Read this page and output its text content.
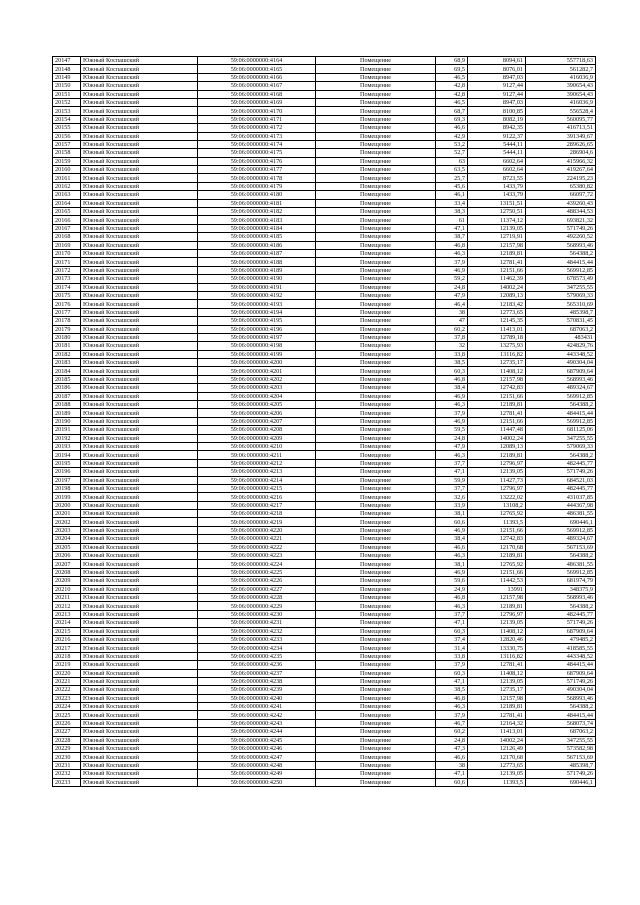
20147	Южный Коспашский	59:06:0000000:4164	Помещение	68,9	8094,61	557718,63
20148	Южный Коспашский	59:06:0000000:4165	Помещение	69,5	8076,01	561282,7
20149	Южный Коспашский	59:06:0000000:4166	Помещение	46,5	8947,03	416036,9
20150	Южный Коспашский	59:06:0000000:4167	Помещение	42,8	9127,44	390654,43
20151	Южный Коспашский	59:06:0000000:4168	Помещение	42,8	9127,44	390654,43
20152	Южный Коспашский	59:06:0000000:4169	Помещение	46,5	8947,03	416036,9
20153	Южный Коспашский	59:06:0000000:4170	Помещение	68,7	8100,85	556528,4
20154	Южный Коспашский	59:06:0000000:4171	Помещение	69,3	8082,19	560095,77
20155	Южный Коспашский	59:06:0000000:4172	Помещение	46,6	8942,35	416713,51
20156	Южный Коспашский	59:06:0000000:4173	Помещение	42,9	9122,37	391349,67
20157	Южный Коспашский	59:06:0000000:4174	Помещение	53,2	5444,11	289626,65
20158	Южный Коспашский	59:06:0000000:4175	Помещение	52,7	5444,11	286904,6
20159	Южный Коспашский	59:06:0000000:4176	Помещение	63	6602,64	415966,32
20160	Южный Коспашский	59:06:0000000:4177	Помещение	63,5	6602,64	419267,64
20161	Южный Коспашский	59:06:0000000:4178	Помещение	25,7	8723,55	224195,23
20162	Южный Коспашский	59:06:0000000:4179	Помещение	45,6	1433,79	65380,82
20163	Южный Коспашский	59:06:0000000:4180	Помещение	46,1	1433,79	66097,72
20164	Южный Коспашский	59:06:0000000:4181	Помещение	33,4	13151,51	439260,43
20165	Южный Коспашский	59:06:0000000:4182	Помещение	38,3	12750,51	488344,53
20166	Южный Коспашский	59:06:0000000:4183	Помещение	61	11374,12	693821,32
20167	Южный Коспашский	59:06:0000000:4184	Помещение	47,1	12139,05	571749,26
20168	Южный Коспашский	59:06:0000000:4185	Помещение	38,7	12719,91	492260,52
20169	Южный Коспашский	59:06:0000000:4186	Помещение	46,8	12157,98	568993,46
20170	Южный Коспашский	59:06:0000000:4187	Помещение	46,3	12189,81	564388,2
20171	Южный Коспашский	59:06:0000000:4188	Помещение	37,9	12781,41	484415,44
20172	Южный Коспашский	59:06:0000000:4189	Помещение	46,9	12151,66	569912,85
20173	Южный Коспашский	59:06:0000000:4190	Помещение	59,2	11462,39	678573,49
20174	Южный Коспашский	59:06:0000000:4191	Помещение	24,8	14002,24	347255,55
20175	Южный Коспашский	59:06:0000000:4192	Помещение	47,9	12089,13	579069,33
20176	Южный Коспашский	59:06:0000000:4193	Помещение	46,4	12183,42	565310,69
20177	Южный Коспашский	59:06:0000000:4194	Помещение	38	12773,65	485398,7
20178	Южный Коспашский	59:06:0000000:4195	Помещение	47	12145,35	570831,45
20179	Южный Коспашский	59:06:0000000:4196	Помещение	60,2	11413,01	687063,2
20180	Южный Коспашский	59:06:0000000:4197	Помещение	37,8	12789,18	483431
20181	Южный Коспашский	59:06:0000000:4198	Помещение	32	13275,93	424829,76
20182	Южный Коспашский	59:06:0000000:4199	Помещение	33,8	13116,82	443348,52
20183	Южный Коспашский	59:06:0000000:4200	Помещение	38,5	12735,17	490304,04
20184	Южный Коспашский	59:06:0000000:4201	Помещение	60,3	11408,12	687909,64
20185	Южный Коспашский	59:06:0000000:4202	Помещение	46,8	12157,98	568993,46
20186	Южный Коспашский	59:06:0000000:4203	Помещение	38,4	12742,83	489324,67
20187	Южный Коспашский	59:06:0000000:4204	Помещение	46,9	12151,66	569912,85
20188	Южный Коспашский	59:06:0000000:4205	Помещение	46,3	12189,81	564388,2
20189	Южный Коспашский	59:06:0000000:4206	Помещение	37,9	12781,41	484415,44
20190	Южный Коспашский	59:06:0000000:4207	Помещение	46,9	12151,66	569912,85
20191	Южный Коспашский	59:06:0000000:4208	Помещение	59,5	11447,48	681125,06
20192	Южный Коспашский	59:06:0000000:4209	Помещение	24,8	14002,24	347255,55
20193	Южный Коспашский	59:06:0000000:4210	Помещение	47,9	12089,13	579069,33
20194	Южный Коспашский	59:06:0000000:4211	Помещение	46,3	12189,81	564388,2
20195	Южный Коспашский	59:06:0000000:4212	Помещение	37,7	12796,97	482445,77
20196	Южный Коспашский	59:06:0000000:4213	Помещение	47,1	12139,05	571749,26
20197	Южный Коспашский	59:06:0000000:4214	Помещение	59,9	11427,73	684521,03
20198	Южный Коспашский	59:06:0000000:4215	Помещение	37,7	12796,97	482445,77
20199	Южный Коспашский	59:06:0000000:4216	Помещение	32,6	13222,02	431037,85
20200	Южный Коспашский	59:06:0000000:4217	Помещение	33,9	13108,2	444367,98
20201	Южный Коспашский	59:06:0000000:4218	Помещение	38,1	12765,92	486381,55
20202	Южный Коспашский	59:06:0000000:4219	Помещение	60,6	11393,5	690446,1
20203	Южный Коспашский	59:06:0000000:4220	Помещение	46,9	12151,66	569912,85
20204	Южный Коспашский	59:06:0000000:4221	Помещение	38,4	12742,83	489324,67
20205	Южный Коспашский	59:06:0000000:4222	Помещение	46,6	12170,68	567153,69
20206	Южный Коспашский	59:06:0000000:4223	Помещение	46,3	12189,81	564388,2
20207	Южный Коспашский	59:06:0000000:4224	Помещение	38,1	12765,92	486381,55
20208	Южный Коспашский	59:06:0000000:4225	Помещение	46,9	12151,66	569912,85
20209	Южный Коспашский	59:06:0000000:4226	Помещение	59,6	11442,53	681974,79
20210	Южный Коспашский	59:06:0000000:4227	Помещение	24,9	13991	348375,9
20211	Южный Коспашский	59:06:0000000:4228	Помещение	46,8	12157,98	568993,46
20212	Южный Коспашский	59:06:0000000:4229	Помещение	46,3	12189,81	564388,2
20213	Южный Коспашский	59:06:0000000:4230	Помещение	37,7	12796,97	482445,77
20214	Южный Коспашский	59:06:0000000:4231	Помещение	47,1	12139,05	571749,26
20215	Южный Коспашский	59:06:0000000:4232	Помещение	60,3	11408,12	687909,64
20216	Южный Коспашский	59:06:0000000:4233	Помещение	37,4	12820,46	479485,2
20217	Южный Коспашский	59:06:0000000:4234	Помещение	31,4	13330,75	418585,55
20218	Южный Коспашский	59:06:0000000:4235	Помещение	33,8	13116,82	443348,52
20219	Южный Коспашский	59:06:0000000:4236	Помещение	37,9	12781,41	484415,44
20220	Южный Коспашский	59:06:0000000:4237	Помещение	60,3	11408,12	687909,64
20221	Южный Коспашский	59:06:0000000:4238	Помещение	47,1	12139,05	571749,26
20222	Южный Коспашский	59:06:0000000:4239	Помещение	38,5	12735,17	490304,04
20223	Южный Коспашский	59:06:0000000:4240	Помещение	46,8	12157,98	568993,46
20224	Южный Коспашский	59:06:0000000:4241	Помещение	46,3	12189,81	564388,2
20225	Южный Коспашский	59:06:0000000:4242	Помещение	37,9	12781,41	484415,44
20226	Южный Коспашский	59:06:0000000:4243	Помещение	46,7	12164,32	568073,74
20227	Южный Коспашский	59:06:0000000:4244	Помещение	60,2	11413,01	687063,2
20228	Южный Коспашский	59:06:0000000:4245	Помещение	24,8	14002,24	347255,55
20229	Южный Коспашский	59:06:0000000:4246	Помещение	47,3	12126,49	573582,98
20230	Южный Коспашский	59:06:0000000:4247	Помещение	46,6	12170,68	567153,69
20231	Южный Коспашский	59:06:0000000:4248	Помещение	38	12773,65	485398,7
20232	Южный Коспашский	59:06:0000000:4249	Помещение	47,1	12139,05	571749,26
20233	Южный Коспашский	59:06:0000000:4250	Помещение	60,6	11393,5	690446,1
